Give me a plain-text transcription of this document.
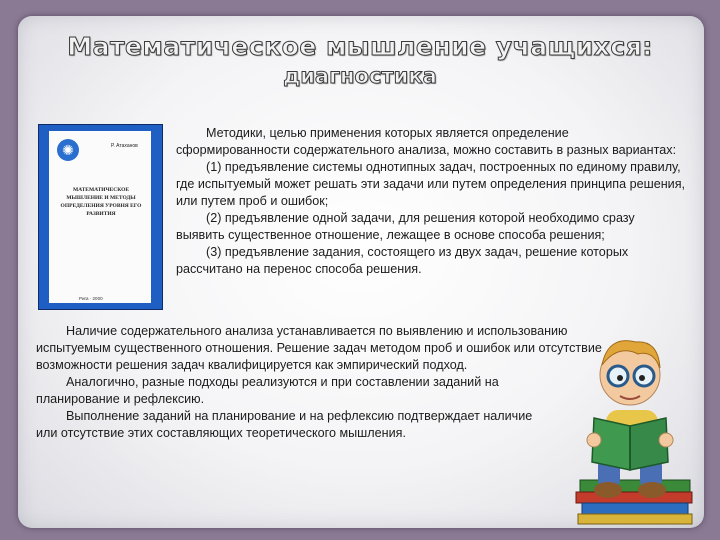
Математическое мышление учащихся:
диагностика
✺	Р. Атаханов
МАТЕМАТИЧЕСКОЕ МЫШЛЕНИЕ И МЕТОДЫ ОПРЕДЕЛЕНИЯ УРОВНЯ ЕГО РАЗВИТИЯ
Рига · 2000

Методики, целью применения которых является определение сформированности содержательного анализа, можно составить в разных вариантах:

(1) предъявление системы однотипных задач, построенных по единому правилу, где испытуемый может решать эти задачи или путем определения принципа решения, или путем проб и ошибок;

(2) предъявление одной задачи, для решения которой необходимо сразу выявить существенное отношение, лежащее в основе способа решения;

(3) предъявление задания, состоящего из двух задач, решение которых рассчитано на перенос способа решения.

Наличие содержательного анализа устанавливается по выявлению и использованию испытуемым существенного отношения. Решение задач методом проб и ошибок или отсутствие возможности решения задач квалифицируется как эмпирический подход.

Аналогично, разные подходы реализуются и при составлении заданий на планирование и рефлексию.

Выполнение заданий на планирование и на рефлексию подтверждает наличие или отсутствие этих составляющих теоретического мышления.
